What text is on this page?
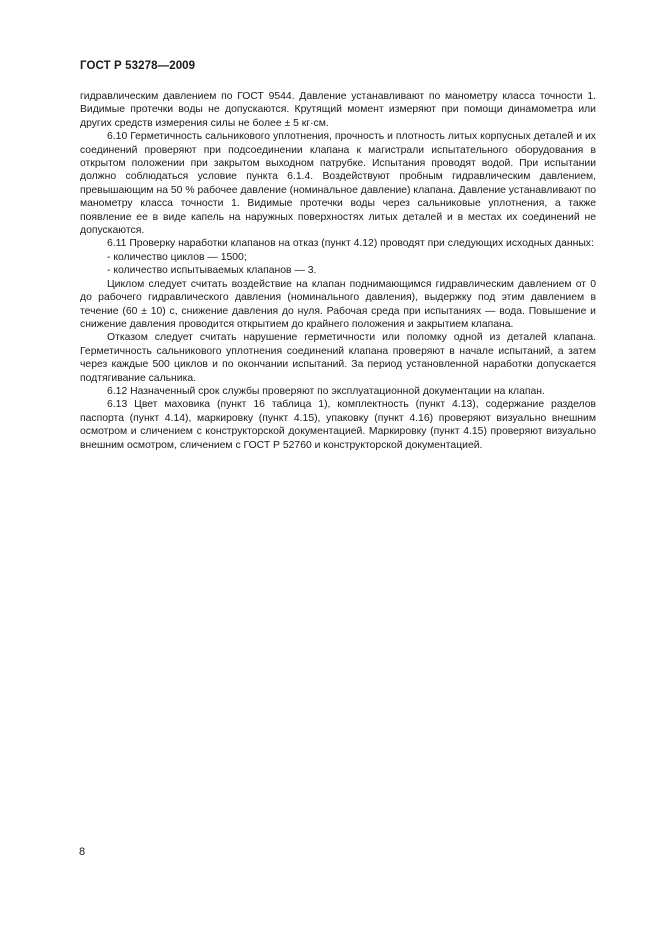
ГОСТ Р 53278—2009

гидравлическим давлением по ГОСТ 9544. Давление устанавливают по манометру класса точности 1. Видимые протечки воды не допускаются. Крутящий момент измеряют при помощи динамометра или других средств измерения силы не более ± 5 кг·см.

6.10 Герметичность сальникового уплотнения, прочность и плотность литых корпусных деталей и их соединений проверяют при подсоединении клапана к магистрали испытательного оборудования в открытом положении при закрытом выходном патрубке. Испытания проводят водой. При испытании должно соблюдаться условие пункта 6.1.4. Воздействуют пробным гидравлическим давлением, превышающим на 50 % рабочее давление (номинальное давление) клапана. Давление устанавливают по манометру класса точности 1. Видимые протечки воды через сальниковые уплотнения, а также появление ее в виде капель на наружных поверхностях литых деталей и в местах их соединений не допускаются.

6.11 Проверку наработки клапанов на отказ (пункт 4.12) проводят при следующих исходных данных:

- количество циклов — 1500;

- количество испытываемых клапанов — 3.

Циклом следует считать воздействие на клапан поднимающимся гидравлическим давлением от 0 до рабочего гидравлического давления (номинального давления), выдержку под этим давлением в течение (60 ± 10) с, снижение давления до нуля. Рабочая среда при испытаниях — вода. Повышение и снижение давления проводится открытием до крайнего положения и закрытием клапана.

Отказом следует считать нарушение герметичности или поломку одной из деталей клапана. Герметичность сальникового уплотнения соединений клапана проверяют в начале испытаний, а затем через каждые 500 циклов и по окончании испытаний. За период установленной наработки допускается подтягивание сальника.

6.12 Назначенный срок службы проверяют по эксплуатационной документации на клапан.

6.13 Цвет маховика (пункт 16 таблица 1), комплектность (пункт 4.13), содержание разделов паспорта (пункт 4.14), маркировку (пункт 4.15), упаковку (пункт 4.16) проверяют визуально внешним осмотром и сличением с конструкторской документацией. Маркировку (пункт 4.15) проверяют визуально внешним осмотром, сличением с ГОСТ Р 52760 и конструкторской документацией.

8
